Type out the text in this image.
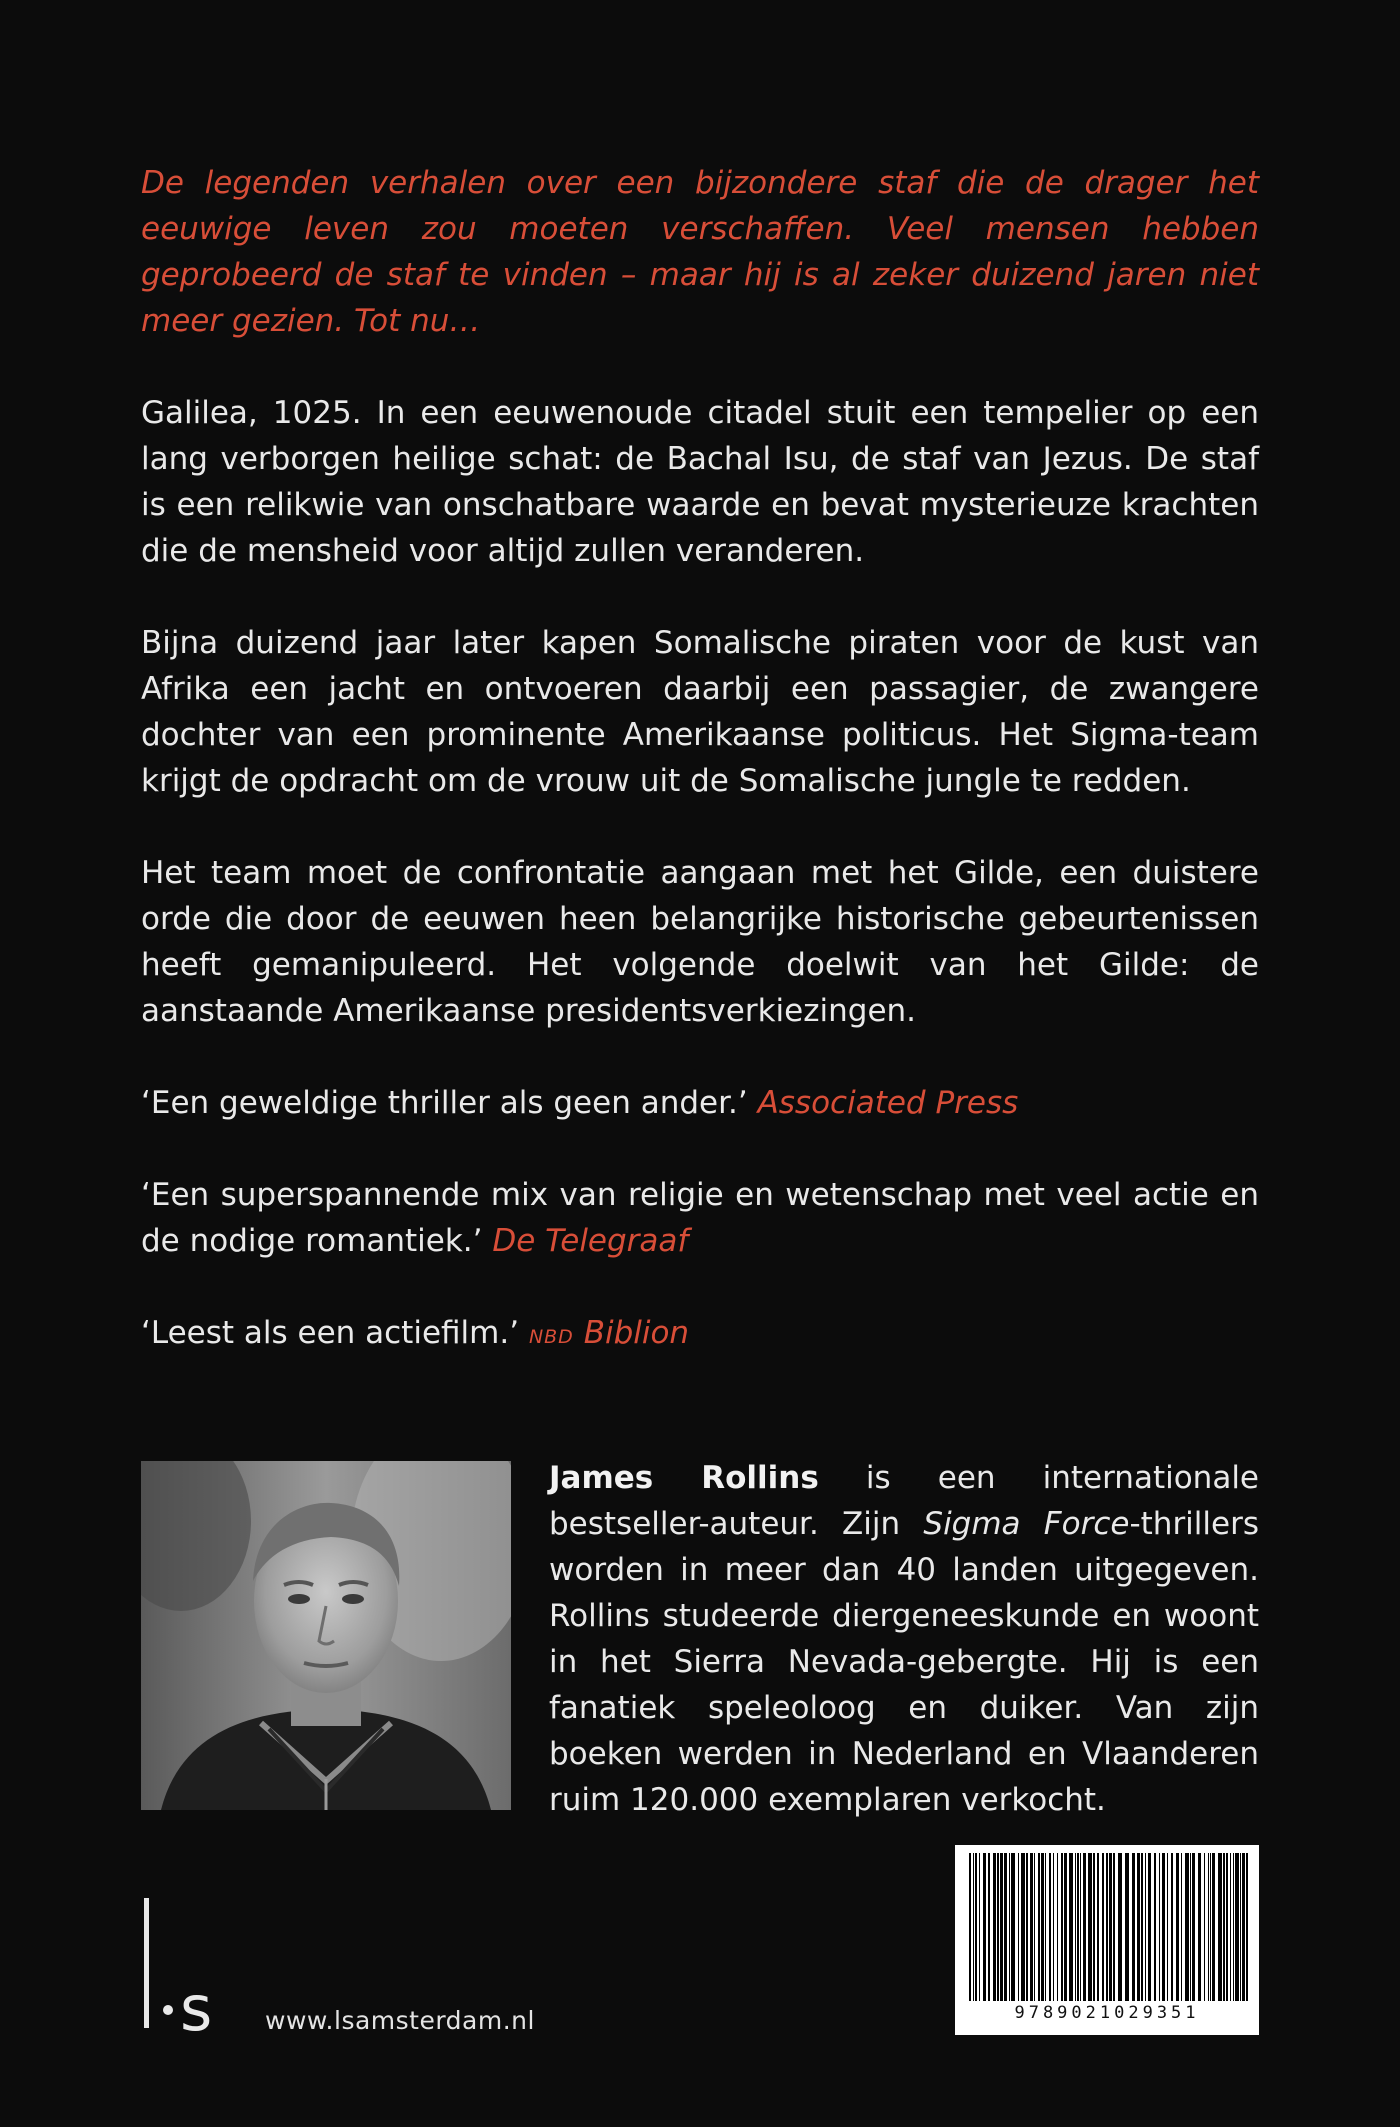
De legenden verhalen over een bijzondere staf die de drager het eeuwige leven zou moeten verschaffen. Veel mensen hebben geprobeerd de staf te vinden – maar hij is al zeker duizend jaren niet meer gezien. Tot nu…

Galilea, 1025. In een eeuwenoude citadel stuit een tempelier op een lang verborgen heilige schat: de Bachal Isu, de staf van Jezus. De staf is een relikwie van onschatbare waarde en bevat mysterieuze krachten die de mensheid voor altijd zullen veranderen.

Bijna duizend jaar later kapen Somalische piraten voor de kust van Afrika een jacht en ontvoeren daarbij een passagier, de zwangere dochter van een prominente Amerikaanse politicus. Het Sigma-team krijgt de opdracht om de vrouw uit de Somalische jungle te redden.

Het team moet de confrontatie aangaan met het Gilde, een duistere orde die door de eeuwen heen belangrijke historische gebeurtenissen heeft gemanipuleerd. Het volgende doelwit van het Gilde: de aanstaande Amerikaanse presidentsverkiezingen.

‘Een geweldige thriller als geen ander.’ Associated Press

‘Een superspannende mix van religie en wetenschap met veel actie en de nodige romantiek.’ De Telegraaf

‘Leest als een actiefilm.’ NBD Biblion

James Rollins is een internationale bestseller-auteur. Zijn Sigma Force-thrillers worden in meer dan 40 landen uitgegeven. Rollins studeerde diergeneeskunde en woont in het Sierra Nevada-gebergte. Hij is een fanatiek speleoloog en duiker. Van zijn boeken werden in Nederland en Vlaanderen ruim 120.000 exemplaren verkocht.

s www.lsamsterdam.nl	9789021029351
